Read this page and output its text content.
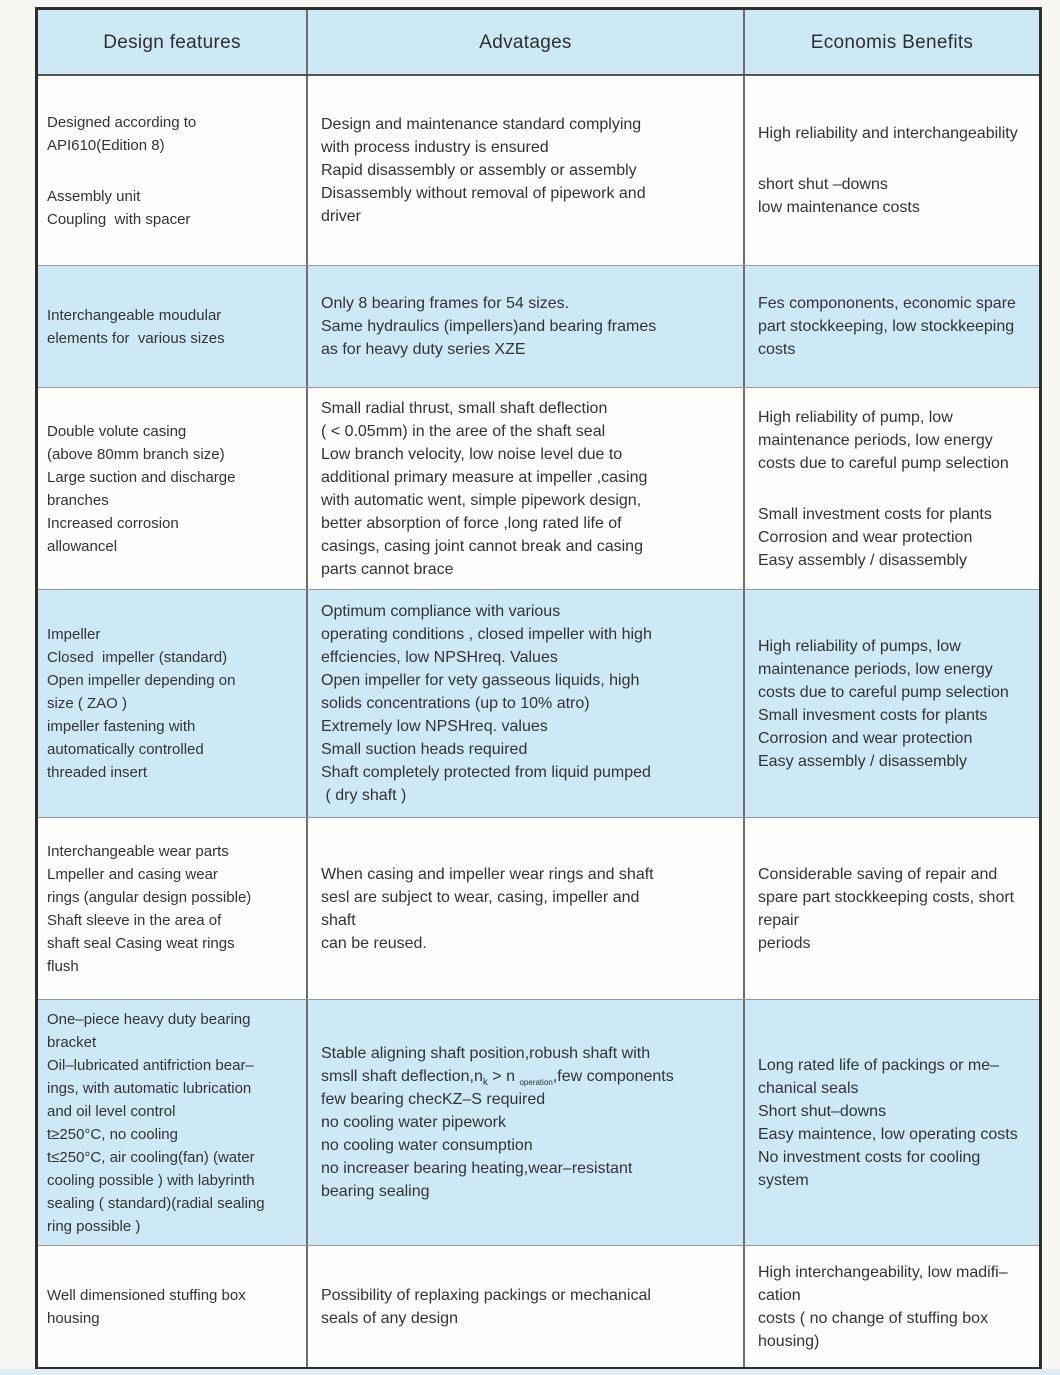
Design features	Advatages	Economis Benefits
Designed according to
API610(Edition 8)
Assembly unit
Coupling  with spacer
Design and maintenance standard complying
with process industry is ensured
Rapid disassembly or assembly or assembly
Disassembly without removal of pipework and
driver
High reliability and interchangeability
short shut –downs
low maintenance costs
Interchangeable moudular
elements for  various sizes
Only 8 bearing frames for 54 sizes.
Same hydraulics (impellers)and bearing frames
as for heavy duty series XZE
Fes compononents, economic spare
part stockkeeping, low stockkeeping
costs
Double volute casing
(above 80mm branch size)
Large suction and discharge
branches
Increased corrosion
allowancel
Small radial thrust, small shaft deflection
( < 0.05mm) in the aree of the shaft seal
Low branch velocity, low noise level due to
additional primary measure at impeller ,casing
with automatic went, simple pipework design,
better absorption of force ,long rated life of
casings, casing joint cannot break and casing
parts cannot brace
High reliability of pump, low
maintenance periods, low energy
costs due to careful pump selection
Small investment costs for plants
Corrosion and wear protection
Easy assembly / disassembly
Impeller
Closed  impeller (standard)
Open impeller depending on
size ( ZAO )
impeller fastening with
automatically controlled
threaded insert
Optimum compliance with various
operating conditions , closed impeller with high
effciencies, low NPSHreq. Values
Open impeller for vety gasseous liquids, high
solids concentrations (up to 10% atro)
Extremely low NPSHreq. values
Small suction heads required
Shaft completely protected from liquid pumped
( dry shaft )
High reliability of pumps, low
maintenance periods, low energy
costs due to careful pump selection
Small invesment costs for plants
Corrosion and wear protection
Easy assembly / disassembly
Interchangeable wear parts
Lmpeller and casing wear
rings (angular design possible)
Shaft sleeve in the area of
shaft seal Casing weat rings
flush
When casing and impeller wear rings and shaft
sesl are subject to wear, casing, impeller and
shaft
can be reused.
Considerable saving of repair and
spare part stockkeeping costs, short
repair
periods
One–piece heavy duty bearing
bracket
Oil–lubricated antifriction bear–
ings, with automatic lubrication
and oil level control
t≥250°C, no cooling
t≤250°C, air cooling(fan) (water
cooling possible ) with labyrinth
sealing ( standard)(radial sealing
ring possible )
Stable aligning shaft position,robush shaft with
smsll shaft $deflection,n_k > n$ $_{operation}$,few components
few bearing checKZ–S required
no cooling water pipework
no cooling water consumption
no increaser bearing heating,wear–resistant
bearing sealing
Long rated life of packings or me–
chanical seals
Short shut–downs
Easy maintence, low operating costs
No investment costs for cooling
system
Well dimensioned stuffing box
housing
Possibility of replaxing packings or mechanical
seals of any design
High interchangeability, low madifi–
cation
costs ( no change of stuffing box
housing)
